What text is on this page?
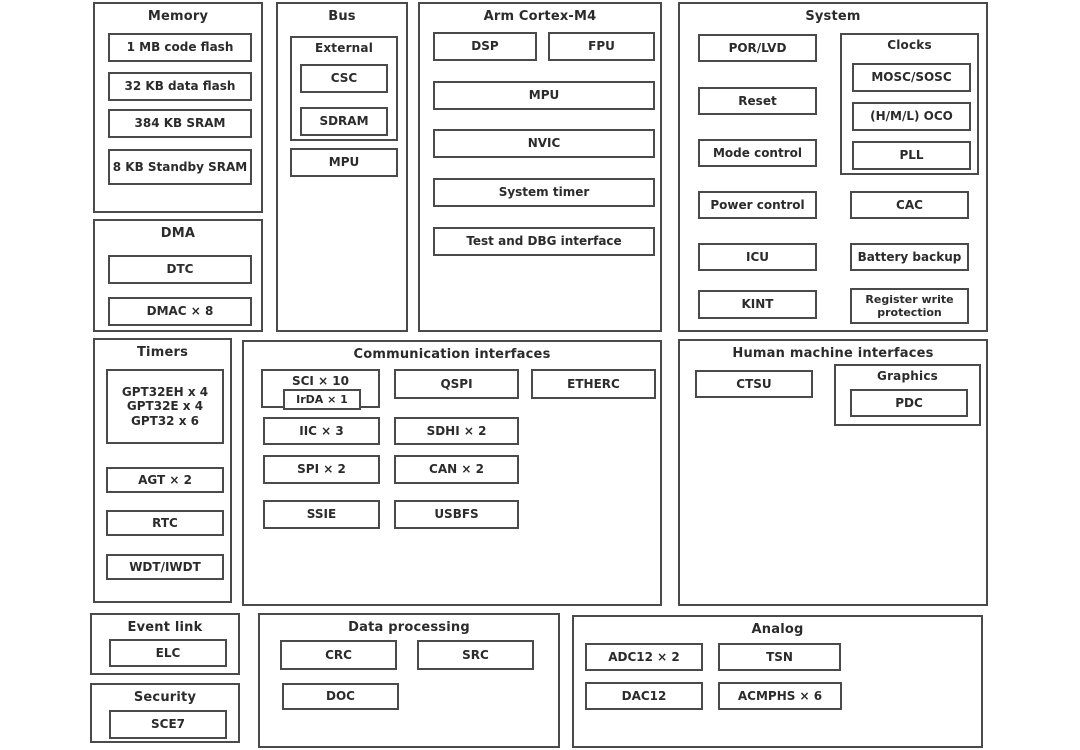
Memory
1 MB code flash
32 KB data flash
384 KB SRAM
8 KB Standby SRAM
DMA
DTC
DMAC × 8
Bus
External
CSC
SDRAM
MPU
Arm Cortex-M4
DSP	FPU
MPU
NVIC
System timer
Test and DBG interface
System
POR/LVD
Reset
Mode control
Power control
ICU
KINT
Clocks
MOSC/SOSC
(H/M/L) OCO
PLL
CAC
Battery backup
Register write protection
Timers
GPT32EH x 4
GPT32E x 4
GPT32 x 6
AGT × 2
RTC
WDT/IWDT
Communication interfaces
SCI × 10
IrDA × 1
QSPI	ETHERC
IIC × 3	SDHI × 2
SPI × 2	CAN × 2
SSIE	USBFS
Human machine interfaces
CTSU
Graphics
PDC
Event link
ELC
Security
SCE7
Data processing
CRC	SRC
DOC
Analog
ADC12 × 2	TSN
DAC12	ACMPHS × 6
